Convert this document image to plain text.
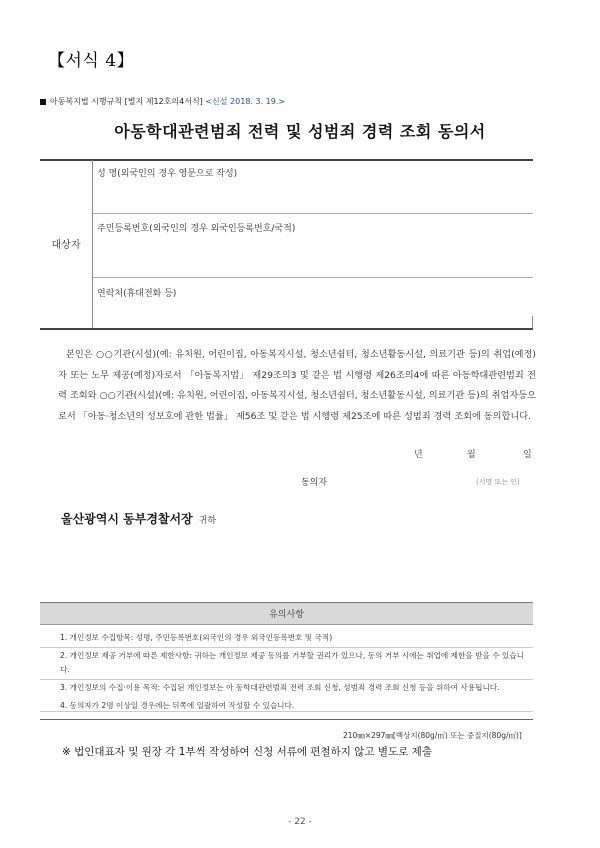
【서식 4】
아동복지법 시행규칙 [별지 제12호의4서식] <신설 2018. 3. 19.>
아동학대관련범죄 전력 및 성범죄 경력 조회 동의서
대상자
성 명(외국인의 경우 영문으로 작성)
주민등록번호(외국인의 경우 외국인등록번호/국적)
연락처(휴대전화 등)

본인은 ○○기관(시설)(예: 유치원, 어린이집, 아동복지시설, 청소년쉼터, 청소년활동시설, 의료기관 등)의 취업(예정)자 또는 노무 제공(예정)자로서 「아동복지법」 제29조의3 및 같은 법 시행령 제26조의4에 따른 아동학대관련범죄 전력 조회와 ○○기관(시설)(예: 유치원, 어린이집, 아동복지시설, 청소년쉼터, 청소년활동시설, 의료기관 등)의 취업자등으로서 「아동·청소년의 성보호에 관한 법률」 제56조 및 같은 법 시행령 제25조에 따른 성범죄 경력 조회에 동의합니다.

년	월	일
동의자	(서명 또는 인)
울산광역시 동부경찰서장 귀하
유의사항
1. 개인정보 수집항목: 성명, 주민등록번호(외국인의 경우 외국인등록번호 및 국적)
2. 개인정보 제공 거부에 따른 제한사항: 귀하는 개인정보 제공 동의를 거부할 권리가 있으나, 동의 거부 시에는 취업에 제한을 받을 수 있습니다.
3. 개인정보의 수집·이용 목적: 수집된 개인정보는 아 동학대관련범죄 전력 조회 신청, 성범죄 경력 조회 신청 등을 위하여 사용됩니다.
4. 동의자가 2명 이상일 경우에는 뒤쪽에 일괄하여 작성할 수 있습니다.
210㎜×297㎜[백상지(80g/㎡) 또는 중질지(80g/㎡)]
※ 법인대표자 및 원장 각 1부씩 작성하여 신청 서류에 편철하지 않고 별도로 제출
- 22 -
